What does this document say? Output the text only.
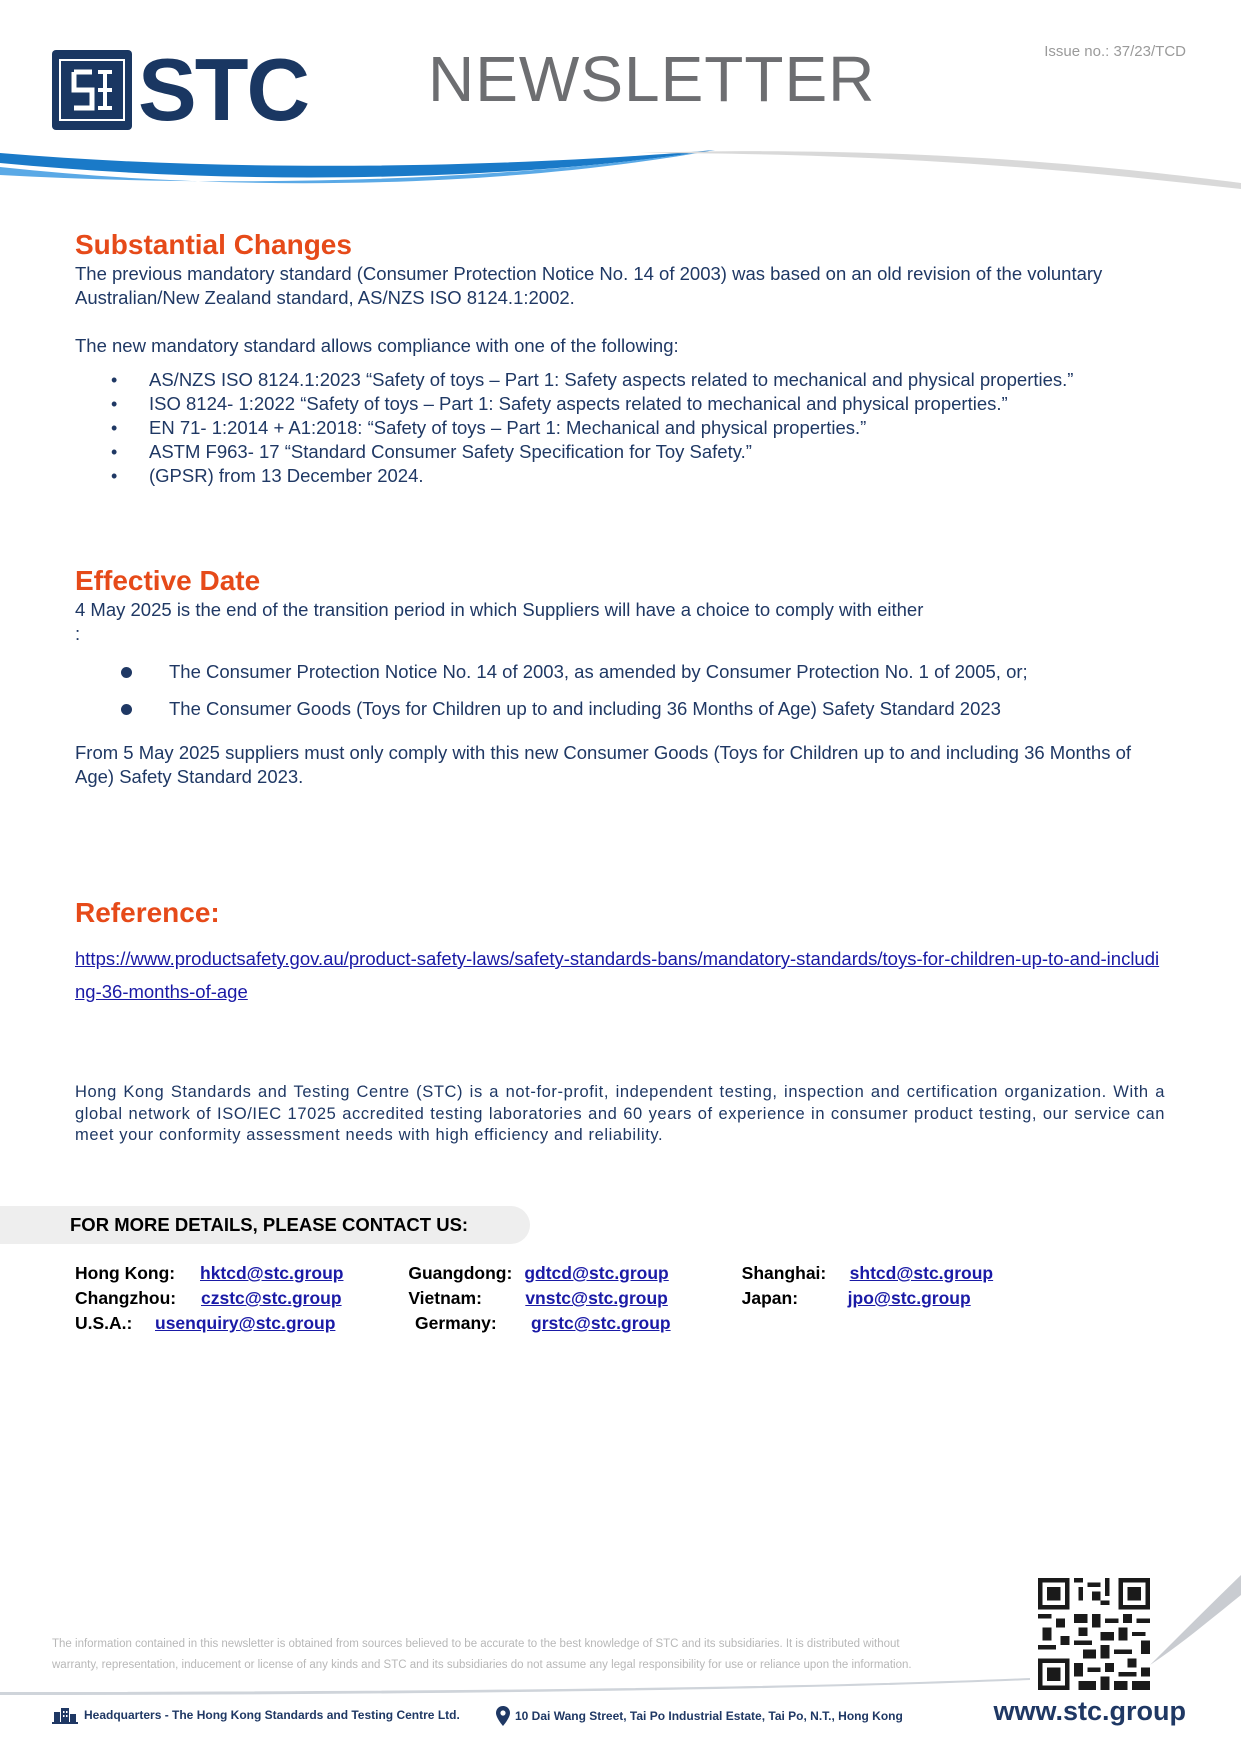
STC NEWSLETTER	Issue no.: 37/23/TCD
Substantial Changes

The previous mandatory standard (Consumer Protection Notice No. 14 of 2003) was based on an old revision of the voluntary Australian/New Zealand standard, AS/NZS ISO 8124.1:2002.

The new mandatory standard allows compliance with one of the following:

• AS/NZS ISO 8124.1:2023 “Safety of toys – Part 1: Safety aspects related to mechanical and physical properties.”
• ISO 8124‐ 1:2022 “Safety of toys – Part 1: Safety aspects related to mechanical and physical properties.”
• EN 71‐ 1:2014 + A1:2018: “Safety of toys – Part 1: Mechanical and physical properties.”
• ASTM F963‐ 17 “Standard Consumer Safety Specification for Toy Safety.”
• (GPSR) from 13 December 2024.
Effective Date

4 May 2025 is the end of the transition period in which Suppliers will have a choice to comply with either

:

The Consumer Protection Notice No. 14 of 2003, as amended by Consumer Protection No. 1 of 2005, or;
The Consumer Goods (Toys for Children up to and including 36 Months of Age) Safety Standard 2023

From 5 May 2025 suppliers must only comply with this new Consumer Goods (Toys for Children up to and including 36 Months of Age) Safety Standard 2023.

Reference:
https://www.productsafety.gov.au/product-safety-laws/safety-standards-bans/mandatory-standards/toys-for-children-up-to-and-including-36-months-of-age

Hong Kong Standards and Testing Centre (STC) is a not-for-profit, independent testing, inspection and certification organization. With a global network of ISO/IEC 17025 accredited testing laboratories and 60 years of experience in consumer product testing, our service can meet your conformity assessment needs with high efficiency and reliability.

FOR MORE DETAILS, PLEASE CONTACT US:
Hong Kong:	hktcd@stc.group	Guangdong: gdtcd@stc.group	Shanghai:	shtcd@stc.group
Changzhou:	czstc@stc.group	Vietnam:	vnstc@stc.group	Japan:	jpo@stc.group
U.S.A.:	usenquiry@stc.group	Germany:	grstc@stc.group
The information contained in this newsletter is obtained from sources believed to be accurate to the best knowledge of STC and its subsidiaries. It is distributed without
warranty, representation, inducement or license of any kinds and STC and its subsidiaries do not assume any legal responsibility for use or reliance upon the information.
Headquarters - The Hong Kong Standards and Testing Centre Ltd.	10 Dai Wang Street, Tai Po Industrial Estate, Tai Po, N.T., Hong Kong	www.stc.group
